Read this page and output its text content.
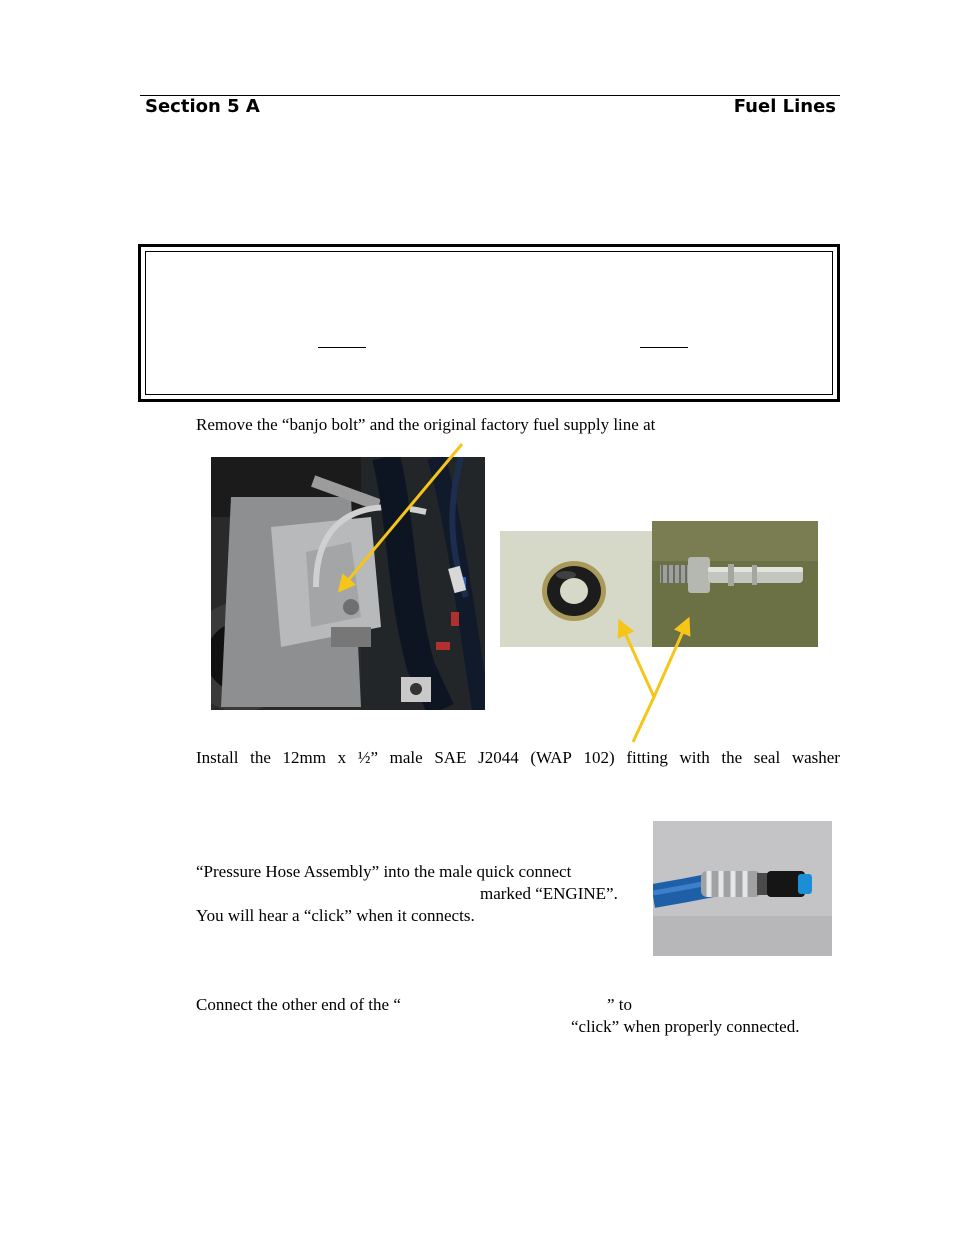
Section 5 A	Fuel Lines
Remove the “banjo bolt” and the original factory fuel supply line at
Install the 12mm x ½” male SAE J2044 (WAP 102) fitting with the seal washer
“Pressure Hose Assembly” into the male quick connect
marked “ENGINE”.
You will hear a “click” when it connects.
Connect the other end of the “	” to
“click” when properly connected.
